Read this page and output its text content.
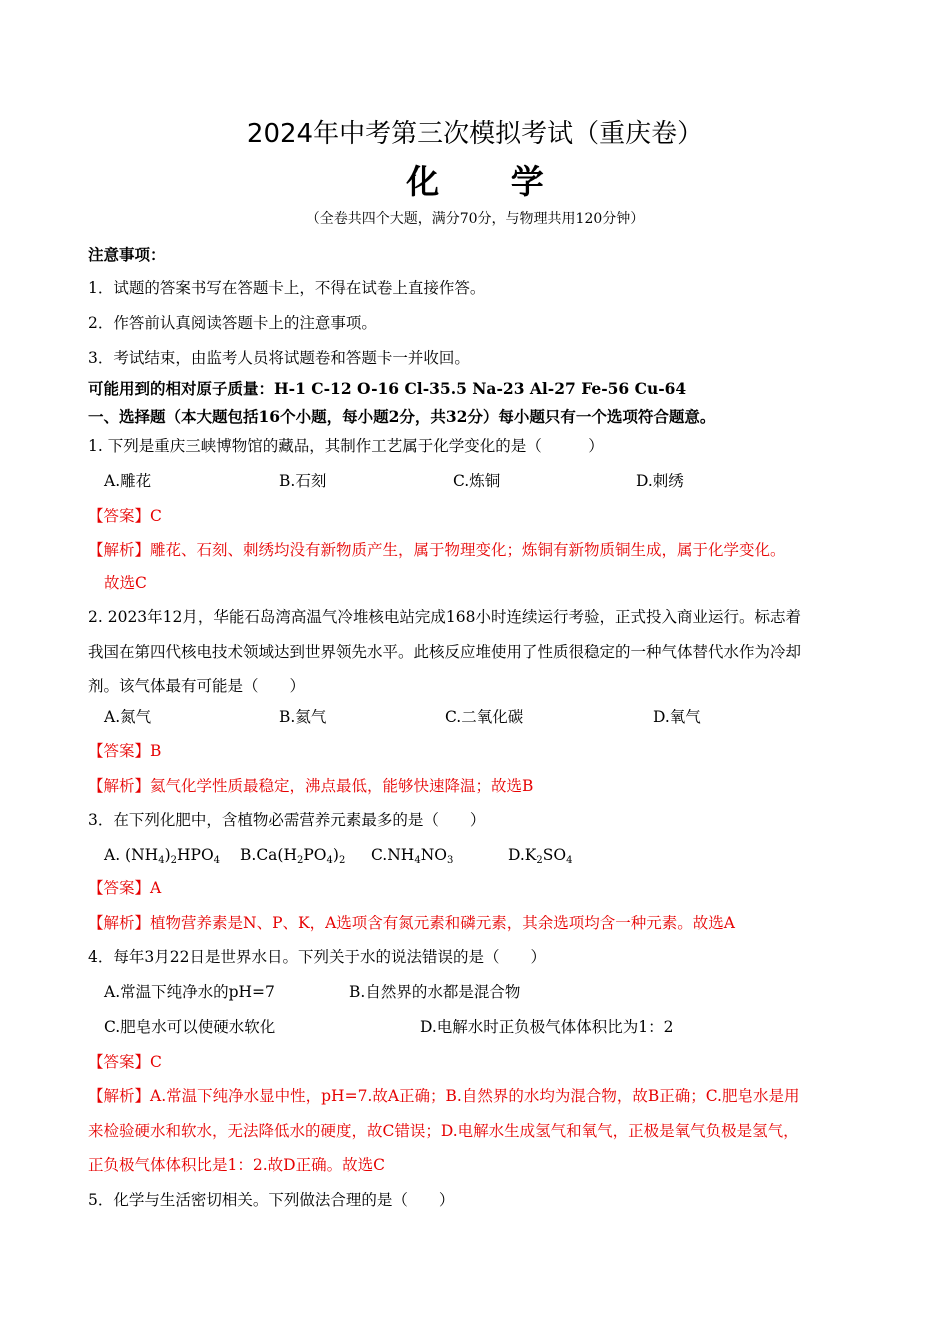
2024年中考第三次模拟考试（重庆卷）
化 学
（全卷共四个大题，满分70分，与物理共用120分钟）
注意事项：
1．试题的答案书写在答题卡上，不得在试卷上直接作答。
2．作答前认真阅读答题卡上的注意事项。
3．考试结束，由监考人员将试题卷和答题卡一并收回。
可能用到的相对原子质量：H-1 C-12 O-16 Cl-35.5 Na-23 Al-27 Fe-56 Cu-64
一、选择题（本大题包括16个小题，每小题2分，共32分）每小题只有一个选项符合题意。
1. 下列是重庆三峡博物馆的藏品，其制作工艺属于化学变化的是（　　　）
A.雕花	B.石刻	C.炼铜	D.刺绣
【答案】C
【解析】雕花、石刻、刺绣均没有新物质产生，属于物理变化；炼铜有新物质铜生成，属于化学变化。
故选C
2. 2023年12月，华能石岛湾高温气冷堆核电站完成168小时连续运行考验，正式投入商业运行。标志着
我国在第四代核电技术领域达到世界领先水平。此核反应堆使用了性质很稳定的一种气体替代水作为冷却
剂。该气体最有可能是（　　）
A.氮气	B.氦气	C.二氧化碳	D.氧气
【答案】B
【解析】氦气化学性质最稳定，沸点最低，能够快速降温；故选B
3．在下列化肥中，含植物必需营养元素最多的是（　　）
A. (NH4)2HPO4 B.Ca(H2PO4)2 C.NH4NO3	D.K2SO4
【答案】A
【解析】植物营养素是N、P、K，A选项含有氮元素和磷元素，其余选项均含一种元素。故选A
4．每年3月22日是世界水日。下列关于水的说法错误的是（　　）
A.常温下纯净水的pH=7	B.自然界的水都是混合物
C.肥皂水可以使硬水软化	D.电解水时正负极气体体积比为1：2
【答案】C
【解析】A.常温下纯净水显中性，pH=7.故A正确；B.自然界的水均为混合物，故B正确；C.肥皂水是用
来检验硬水和软水，无法降低水的硬度，故C错误；D.电解水生成氢气和氧气，正极是氧气负极是氢气，
正负极气体体积比是1：2.故D正确。故选C
5．化学与生活密切相关。下列做法合理的是（　　）
